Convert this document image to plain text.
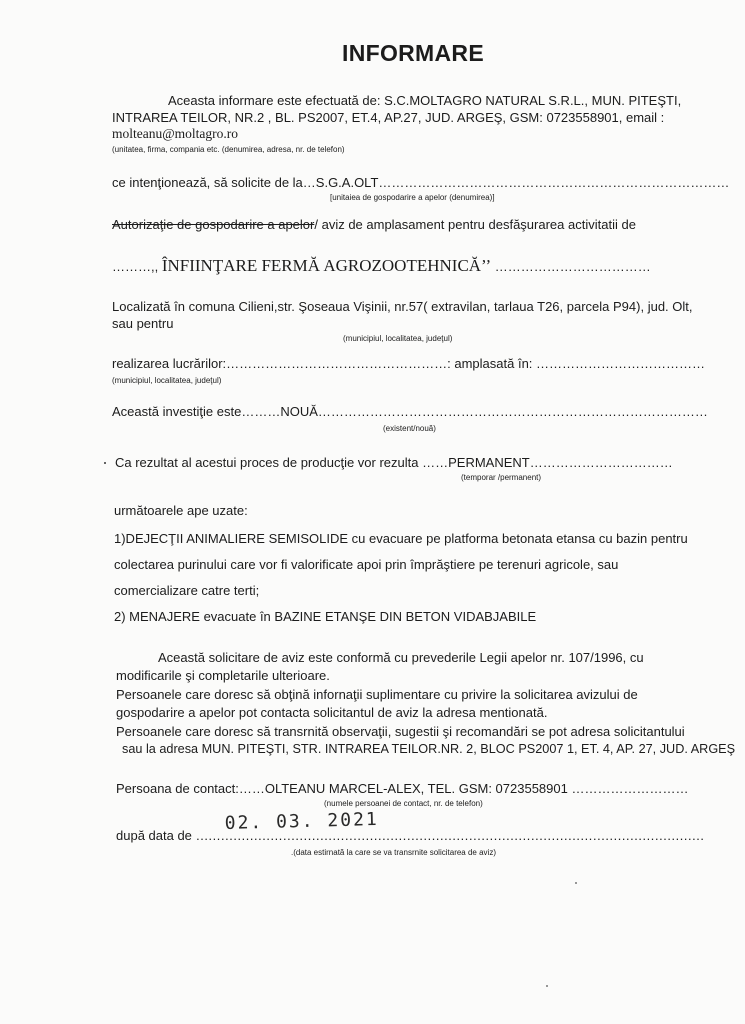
INFORMARE
Aceasta informare este efectuată de: S.C.MOLTAGRO NATURAL S.R.L., MUN. PITEŞTI,
INTRAREA TEILOR, NR.2 , BL. PS2007, ET.4, AP.27, JUD. ARGEŞ, GSM: 0723558901, email :
molteanu@moltagro.ro
(unitatea, firma, compania etc. (denumirea, adresa, nr. de telefon)
ce intenţionează, să solicite de la…S.G.A.OLT………………………………………………………………………
[unitaiea de gospodarire a apelor (denumirea)]
Autorizaţie de gospodarire a apelor/ aviz de amplasament pentru desfăşurarea activitatii de
………,, ÎNFIINŢARE FERMĂ AGROZOOTEHNICĂ’’ ………………………………
Localizată în comuna Cilieni,str. Şoseaua Vişinii, nr.57( extravilan, tarlaua T26, parcela P94), jud. Olt,
sau pentru
(municipiul, localitatea, judeţul)
realizarea lucrărilor:……………………………………………: amplasată în: …………………………………
(municipiul, localitatea, judeţul)
Această investiţie este………NOUĂ………………………………………………………………………………
(existent/nouă)
Ca rezultat al acestui proces de producţie vor rezulta ……PERMANENT……………………………
(temporar /permanent)
următoarele ape uzate:
1)DEJECŢII ANIMALIERE SEMISOLIDE cu evacuare pe platforma betonata etansa cu bazin pentru
colectarea purinului care vor fi valorificate apoi prin împrăştiere pe terenuri agricole, sau
comercializare catre terti;
2) MENAJERE evacuate în BAZINE ETANŞE DIN BETON VIDABJABILE
Această solicitare de aviz este conformă cu prevederile Legii apelor nr. 107/1996, cu
modificarile şi completarile ulterioare.
Persoanele care doresc să obţină infornaţii suplimentare cu privire la solicitarea avizului de
gospodarire a apelor pot contacta solicitantul de aviz la adresa mentionată.
Persoanele care doresc să transrnită observaţii, sugestii şi recomandări se pot adresa solicitantului
sau la adresa MUN. PITEŞTI, STR. INTRAREA TEILOR.NR. 2, BLOC PS2007 1, ET. 4, AP. 27, JUD. ARGEŞ
Persoana de contact:……OLTEANU MARCEL-ALEX, TEL. GSM: 0723558901 ………………………
(numele persoanei de contact, nr. de telefon)
după data de ……………………………………………………………………………………………………………
02. 03. 2021
.(data estirnată la care se va transrnite solicitarea de aviz)
